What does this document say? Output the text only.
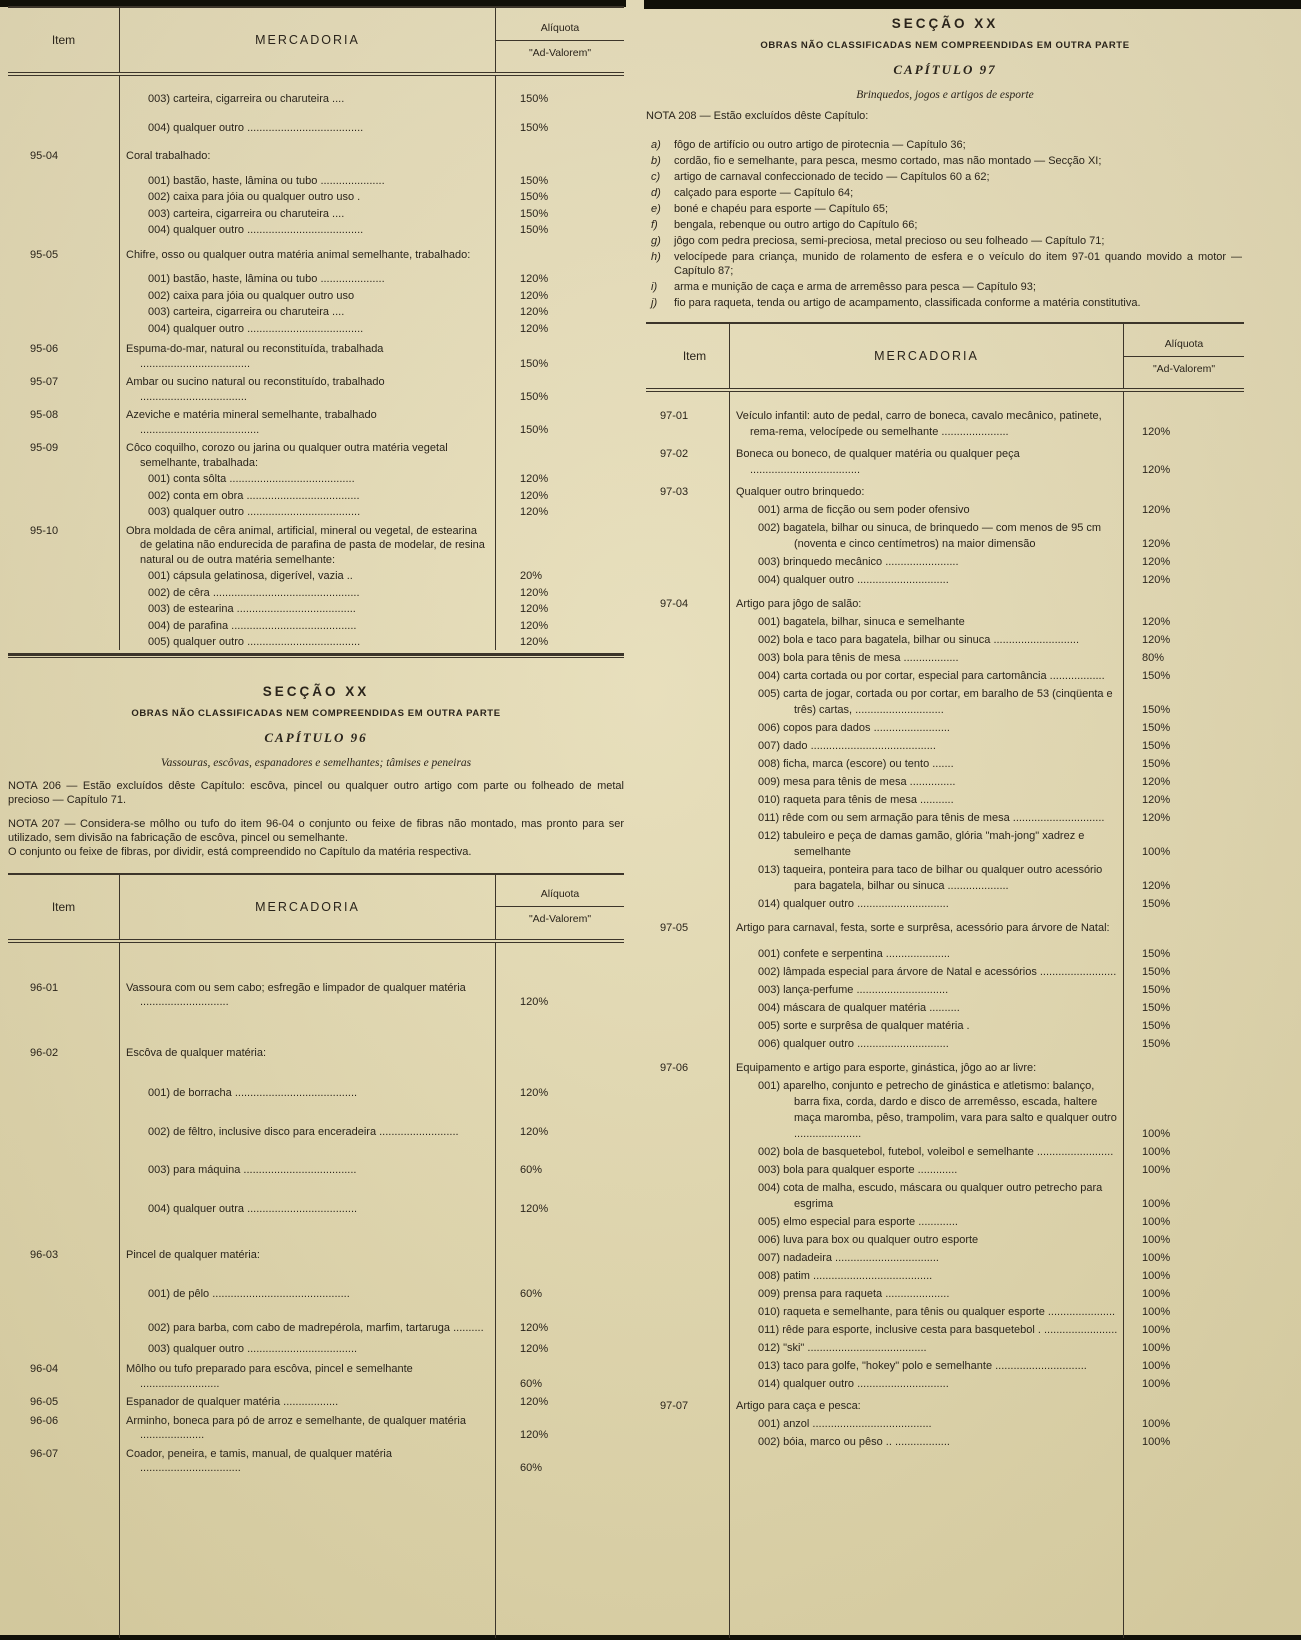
Item	MERCADORIA
Alíquota
"Ad-Valorem"
003) carteira, cigarreira ou charuteira ....	150%
004) qualquer outro ......................................	150%
95-04	Coral trabalhado:
001) bastão, haste, lâmina ou tubo .....................	150%
002) caixa para jóia ou qualquer outro uso .	150%
003) carteira, cigarreira ou charuteira ....	150%
004) qualquer outro ......................................	150%
95-05	Chifre, osso ou qualquer outra matéria animal semelhante, trabalhado:
001) bastão, haste, lâmina ou tubo .....................	120%
002) caixa para jóia ou qualquer outro uso	120%
003) carteira, cigarreira ou charuteira ....	120%
004) qualquer outro ......................................	120%
95-06	Espuma-do-mar, natural ou reconstituída, trabalhada ....................................	150%
95-07	Ambar ou sucino natural ou reconstituído, trabalhado ...................................	150%
95-08	Azeviche e matéria mineral semelhante, trabalhado .......................................	150%
95-09	Côco coquilho, corozo ou jarina ou qualquer outra matéria vegetal semelhante, trabalhada:
001) conta sôlta .........................................	120%
002) conta em obra .....................................	120%
003) qualquer outro .....................................	120%
95-10	Obra moldada de cêra animal, artificial, mineral ou vegetal, de estearina de gelatina não endurecida de parafina de pasta de modelar, de resina natural ou de outra matéria semelhante:
001) cápsula gelatinosa, digerível, vazia ..	20%
002) de cêra ................................................	120%
003) de estearina .......................................	120%
004) de parafina .........................................	120%
005) qualquer outro .....................................	120%
SECÇÃO XX
OBRAS NÃO CLASSIFICADAS NEM COMPREENDIDAS EM OUTRA PARTE
CAPÍTULO 96
Vassouras, escôvas, espanadores e semelhantes; tâmises e peneiras

NOTA 206 — Estão excluídos dêste Capítulo: escôva, pincel ou qualquer outro artigo com parte ou folheado de metal precioso — Capítulo 71.

NOTA 207 — Considera-se môlho ou tufo do item 96-04 o conjunto ou feixe de fibras não montado, mas pronto para ser utilizado, sem divisão na fabricação de escôva, pincel ou semelhante.

O conjunto ou feixe de fibras, por dividir, está compreendido no Capítulo da matéria respectiva.

Item	MERCADORIA
Alíquota
"Ad-Valorem"
96-01	Vassoura com ou sem cabo; esfregão e limpador de qualquer matéria .............................	120%
96-02	Escôva de qualquer matéria:
001) de borracha ........................................	120%
002) de fêltro, inclusive disco para enceradeira ..........................	120%
003) para máquina .....................................	60%
004) qualquer outra ....................................	120%
96-03	Pincel de qualquer matéria:
001) de pêlo .............................................	60%
002) para barba, com cabo de madrepérola, marfim, tartaruga ..........	120%
003) qualquer outro ....................................	120%
96-04	Môlho ou tufo preparado para escôva, pincel e semelhante ..........................	60%
96-05	Espanador de qualquer matéria ..................	120%
96-06	Arminho, boneca para pó de arroz e semelhante, de qualquer matéria .....................	120%
96-07	Coador, peneira, e tamis, manual, de qualquer matéria .................................	60%
SECÇÃO XX
OBRAS NÃO CLASSIFICADAS NEM COMPREENDIDAS EM OUTRA PARTE
CAPÍTULO 97
Brinquedos, jogos e artigos de esporte

NOTA 208 — Estão excluídos dêste Capítulo:

a)	fôgo de artifício ou outro artigo de pirotecnia — Capítulo 36;
b)	cordão, fio e semelhante, para pesca, mesmo cortado, mas não montado — Secção XI;
c)	artigo de carnaval confeccionado de tecido — Capítulos 60 a 62;
d)	calçado para esporte — Capítulo 64;
e)	boné e chapéu para esporte — Capítulo 65;
f)	bengala, rebenque ou outro artigo do Capítulo 66;
g)	jôgo com pedra preciosa, semi-preciosa, metal precioso ou seu folheado — Capítulo 71;
h)	velocípede para criança, munido de rolamento de esfera e o veículo do item 97-01 quando movido a motor — Capítulo 87;
i)	arma e munição de caça e arma de arremêsso para pesca — Capítulo 93;
j)	fio para raqueta, tenda ou artigo de acampamento, classificada conforme a matéria constitutiva.
Item	MERCADORIA
Alíquota
"Ad-Valorem"
97-01	Veículo infantil: auto de pedal, carro de boneca, cavalo mecânico, patinete, rema-rema, velocípede ou semelhante ......................	120%
97-02	Boneca ou boneco, de qualquer matéria ou qualquer peça ....................................	120%
97-03	Qualquer outro brinquedo:
001) arma de ficção ou sem poder ofensivo	120%
002) bagatela, bilhar ou sinuca, de brinquedo — com menos de 95 cm (noventa e cinco centímetros) na maior dimensão	120%
003) brinquedo mecânico ........................	120%
004) qualquer outro ..............................	120%
97-04	Artigo para jôgo de salão:
001) bagatela, bilhar, sinuca e semelhante	120%
002) bola e taco para bagatela, bilhar ou sinuca ............................	120%
003) bola para tênis de mesa ..................	80%
004) carta cortada ou por cortar, especial para cartomância ..................	150%
005) carta de jogar, cortada ou por cortar, em baralho de 53 (cinqüenta e três) cartas, .............................	150%
006) copos para dados .........................	150%
007) dado .........................................	150%
008) ficha, marca (escore) ou tento .......	150%
009) mesa para tênis de mesa ...............	120%
010) raqueta para tênis de mesa ...........	120%
011) rêde com ou sem armação para tênis de mesa ..............................	120%
012) tabuleiro e peça de damas gamão, glória "mah-jong" xadrez e semelhante	100%
013) taqueira, ponteira para taco de bilhar ou qualquer outro acessório para bagatela, bilhar ou sinuca ....................	120%
014) qualquer outro ..............................	150%
97-05	Artigo para carnaval, festa, sorte e surprêsa, acessório para árvore de Natal:
001) confete e serpentina .....................	150%
002) lâmpada especial para árvore de Natal e acessórios .........................	150%
003) lança-perfume ..............................	150%
004) máscara de qualquer matéria ..........	150%
005) sorte e surprêsa de qualquer matéria .	150%
006) qualquer outro ..............................	150%
97-06	Equipamento e artigo para esporte, ginástica, jôgo ao ar livre:
001) aparelho, conjunto e petrecho de ginástica e atletismo: balanço, barra fixa, corda, dardo e disco de arremêsso, escada, haltere maça maromba, pêso, trampolim, vara para salto e qualquer outro ......................	100%
002) bola de basquetebol, futebol, voleibol e semelhante .........................	100%
003) bola para qualquer esporte .............	100%
004) cota de malha, escudo, máscara ou qualquer outro petrecho para esgrima	100%
005) elmo especial para esporte .............	100%
006) luva para box ou qualquer outro esporte	100%
007) nadadeira ..................................	100%
008) patim .......................................	100%
009) prensa para raqueta .....................	100%
010) raqueta e semelhante, para tênis ou qualquer esporte ......................	100%
011) rêde para esporte, inclusive cesta para basquetebol . ........................	100%
012) "ski" .......................................	100%
013) taco para golfe, "hokey" polo e semelhante ..............................	100%
014) qualquer outro ..............................	100%
97-07	Artigo para caça e pesca:
001) anzol .......................................	100%
002) bóia, marco ou pêso .. ..................	100%
